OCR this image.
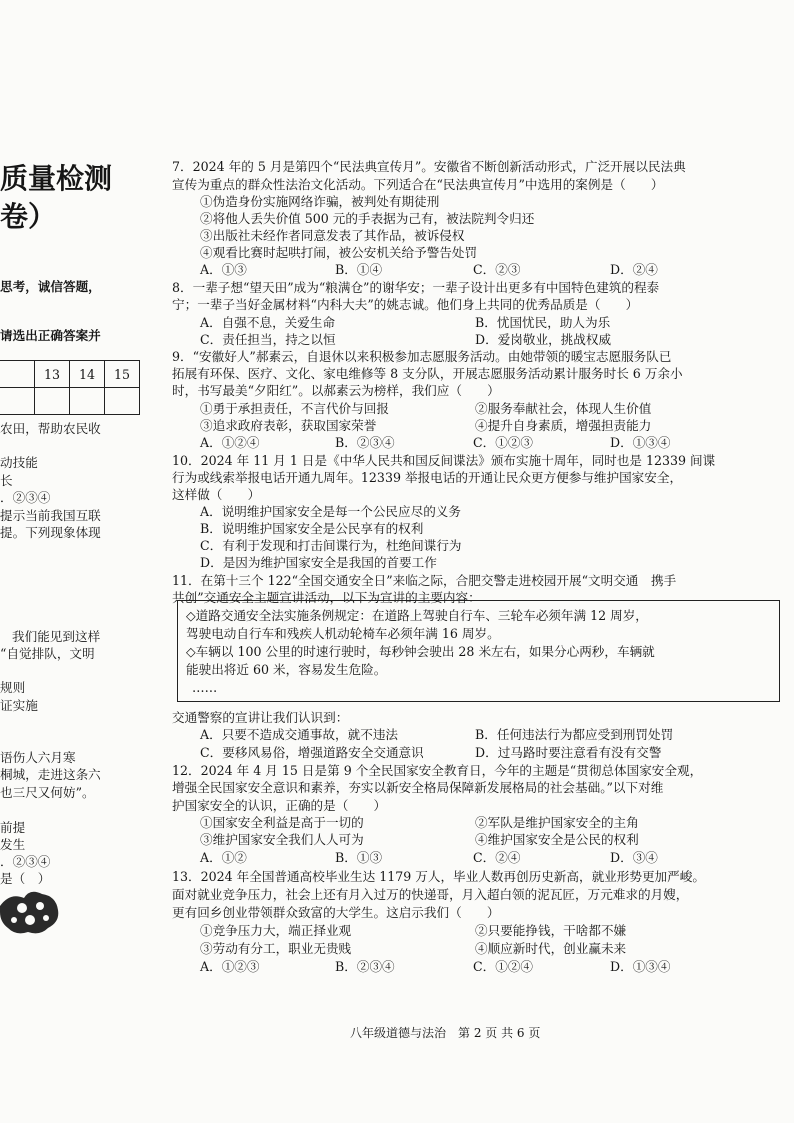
质量检测
卷）
思考，诚信答题，
请选出正确答案并
	13	14	15

农田，帮助农民收
动技能
长
．②③④
提示当前我国互联
提。下列现象体现
我们能见到这样
“自觉排队，文明
规则
证实施
语伤人六月寒
桐城，走进这条六
也三尺又何妨”。
前提
发生
．②③④
是（　）
7．2024 年的 5 月是第四个“民法典宣传月”。安徽省不断创新活动形式，广泛开展以民法典
宣传为重点的群众性法治文化活动。下列适合在“民法典宣传月”中选用的案例是（　　）
①伪造身份实施网络诈骗，被判处有期徒刑
②将他人丢失价值 500 元的手表据为己有，被法院判令归还
③出版社未经作者同意发表了其作品，被诉侵权
④观看比赛时起哄打闹，被公安机关给予警告处罚
A．①③	B．①④	C．②③	D．②④
8．一辈子想“望天田”成为“粮满仓”的谢华安；一辈子设计出更多有中国特色建筑的程泰
宁；一辈子当好金属材料“内科大夫”的姚志诚。他们身上共同的优秀品质是（　　）
A．自强不息，关爱生命	B．忧国忧民，助人为乐
C．责任担当，持之以恒	D．爱岗敬业，挑战权威
9．“安徽好人”郝素云，自退休以来积极参加志愿服务活动。由她带领的暖宝志愿服务队已
拓展有环保、医疗、文化、家电维修等 8 支分队，开展志愿服务活动累计服务时长 6 万余小
时，书写最美“夕阳红”。以郝素云为榜样，我们应（　　）
①勇于承担责任，不言代价与回报	②服务奉献社会，体现人生价值
③追求政府表彰，获取国家荣誉	④提升自身素质，增强担责能力
A．①②④	B．②③④	C．①②③	D．①③④
10．2024 年 11 月 1 日是《中华人民共和国反间谍法》颁布实施十周年，同时也是 12339 间谍
行为或线索举报电话开通九周年。12339 举报电话的开通让民众更方便参与维护国家安全，
这样做（　　）
A．说明维护国家安全是每一个公民应尽的义务
B．说明维护国家安全是公民享有的权利
C．有利于发现和打击间谍行为，杜绝间谍行为
D．是因为维护国家安全是我国的首要工作
11．在第十三个 122“全国交通安全日”来临之际，合肥交警走进校园开展“文明交通　携手
共创”交通安全主题宣讲活动，以下为宣讲的主要内容：
◇道路交通安全法实施条例规定：在道路上驾驶自行车、三轮车必须年满 12 周岁，
驾驶电动自行车和残疾人机动轮椅车必须年满 16 周岁。
◇车辆以 100 公里的时速行驶时，每秒钟会驶出 28 米左右，如果分心两秒，车辆就
能驶出将近 60 米，容易发生危险。
……
交通警察的宣讲让我们认识到：
A．只要不造成交通事故，就不违法	B．任何违法行为都应受到刑罚处罚
C．要移风易俗，增强道路安全交通意识	D．过马路时要注意看有没有交警
12．2024 年 4 月 15 日是第 9 个全民国家安全教育日，今年的主题是“贯彻总体国家安全观，
增强全民国家安全意识和素养，夯实以新安全格局保障新发展格局的社会基础。”以下对维
护国家安全的认识，正确的是（　　）
①国家安全利益是高于一切的	②军队是维护国家安全的主角
③维护国家安全我们人人可为	④维护国家安全是公民的权利
A．①②	B．①③	C．②④	D．③④
13．2024 年全国普通高校毕业生达 1179 万人，毕业人数再创历史新高，就业形势更加严峻。
面对就业竞争压力，社会上还有月入过万的快递哥，月入超白领的泥瓦匠，万元难求的月嫂，
更有回乡创业带领群众致富的大学生。这启示我们（　　）
①竞争压力大，端正择业观	②只要能挣钱，干啥都不嫌
③劳动有分工，职业无贵贱	④顺应新时代，创业赢未来
A．①②③	B．②③④	C．①②④	D．①③④
八年级道德与法治　第 2 页 共 6 页
